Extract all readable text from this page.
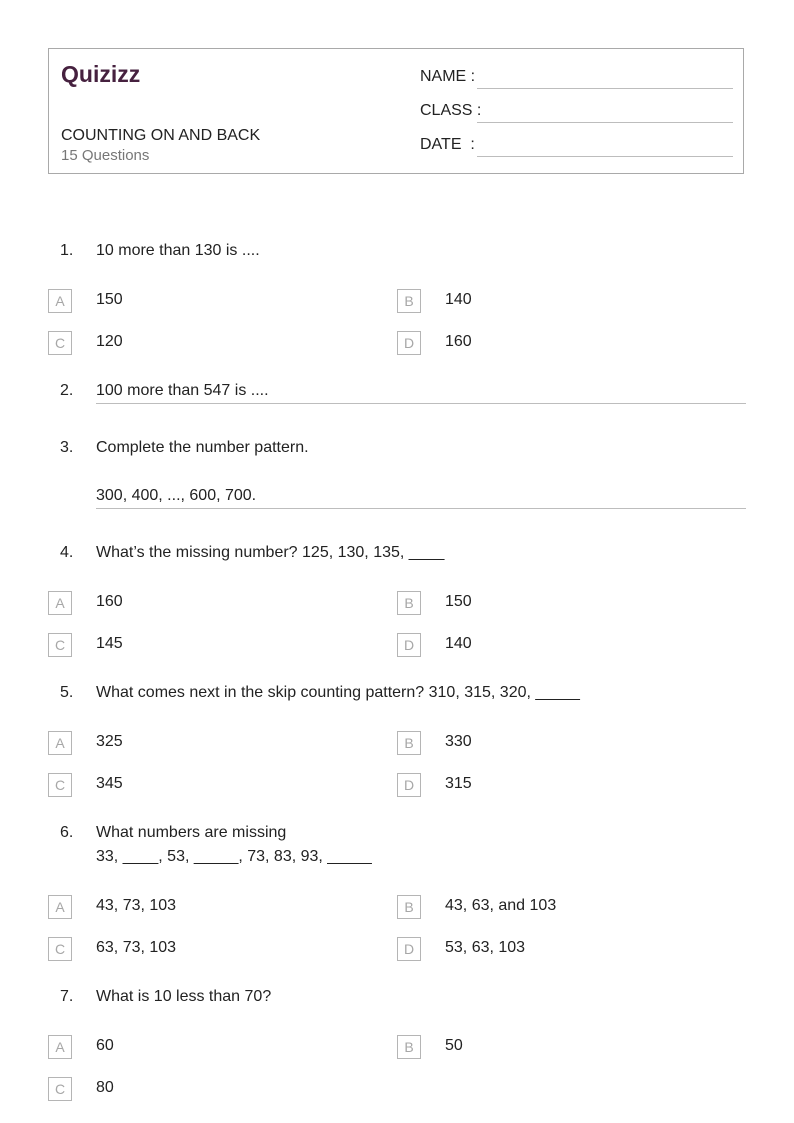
Quizizz
COUNTING ON AND BACK
15 Questions
NAME :
CLASS :
DATE  :
1. 10 more than 130 is ....
A	150	B	140
C	120	D	160
2. 100 more than 547 is ....
3. Complete the number pattern.
300, 400, ..., 600, 700.
4. What’s the missing number? 125, 130, 135, ____
A	160	B	150
C	145	D	140
5. What comes next in the skip counting pattern? 310, 315, 320, _____
A	325	B	330
C	345	D	315
6. What numbers are missing
33, ____, 53, _____, 73, 83, 93, _____
A	43, 73, 103	B	43, 63, and 103
C	63, 73, 103	D	53, 63, 103
7. What is 10 less than 70?
A	60	B	50
C	80
